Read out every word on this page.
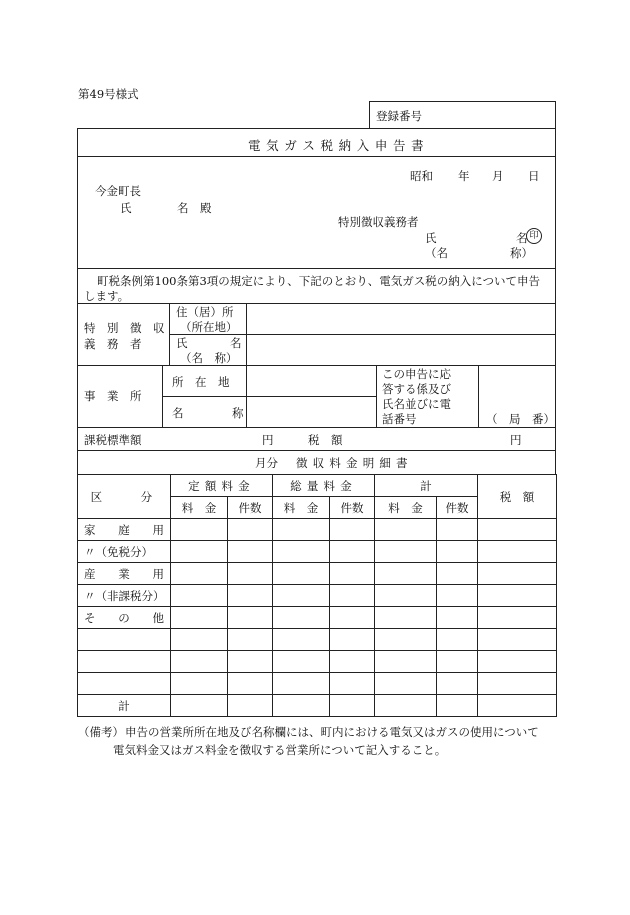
第49号様式
登録番号
電気ガス税納入申告書
昭和 年 月 日
今金町長
氏	名　殿
特別徴収義務者
氏	名 印
（名	称）
町税条例第100条第3項の規定により、下記のとおり、電気ガス税の納入について申告
します。
特　別　徴　収
義　務　者
住（居）所
（所在地）
氏	名
（名　称）
事　業　所
所　在　地
名	称
この申告に応
答する係及び
氏名並びに電
話番号	（　局　番）
課税標準額	円	税　額	円
月分 徴収料金明細書
区　　分	定額料金		総量料金		計		税　額
	料　金	件数	料　金	件数	料　金	件数	
家　庭　用							
〃（免税分）							
産　業　用							
〃（非課税分）							
そ　の　他							

計							
（備考） 申告の営業所所在地及び名称欄には、町内における電気又はガスの使用について
電気料金又はガス料金を徴収する営業所について記入すること。
